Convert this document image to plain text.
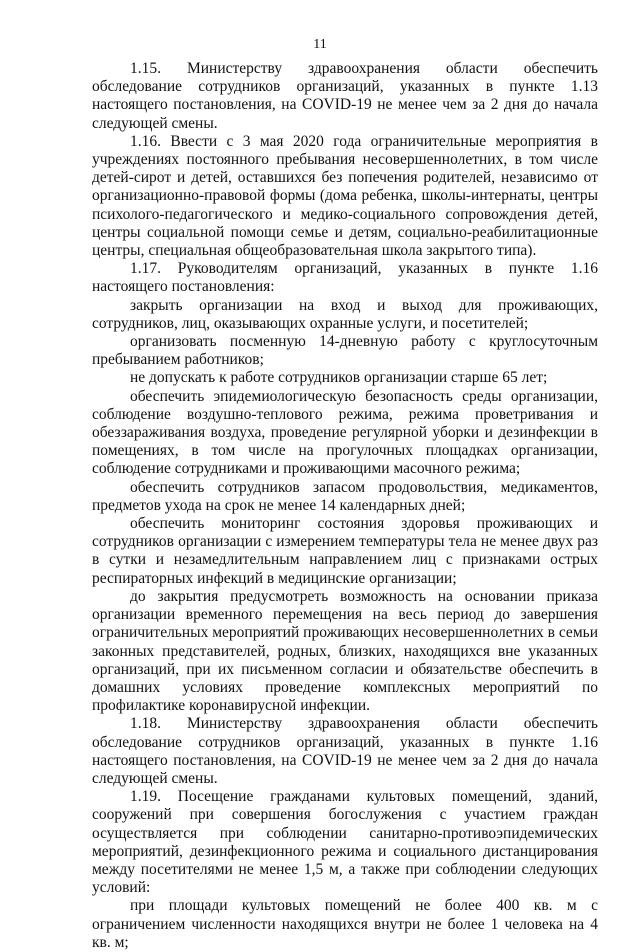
11

1.15. Министерству здравоохранения области обеспечить обследование сотрудников организаций, указанных в пункте 1.13 настоящего постановления, на COVID-19 не менее чем за 2 дня до начала следующей смены.

1.16. Ввести с 3 мая 2020 года ограничительные мероприятия в учреждениях постоянного пребывания несовершеннолетних, в том числе детей-сирот и детей, оставшихся без попечения родителей, независимо от организационно-правовой формы (дома ребенка, школы-интернаты, центры психолого-педагогического и медико-социального сопровождения детей, центры социальной помощи семье и детям, социально-реабилитационные центры, специальная общеобразовательная школа закрытого типа).

1.17. Руководителям организаций, указанных в пункте 1.16 настоящего постановления:

закрыть организации на вход и выход для проживающих, сотрудников, лиц, оказывающих охранные услуги, и посетителей;

организовать посменную 14-дневную работу с круглосуточным пребыванием работников;

не допускать к работе сотрудников организации старше 65 лет;

обеспечить эпидемиологическую безопасность среды организации, соблюдение воздушно-теплового режима, режима проветривания и обеззараживания воздуха, проведение регулярной уборки и дезинфекции в помещениях, в том числе на прогулочных площадках организации, соблюдение сотрудниками и проживающими масочного режима;

обеспечить сотрудников запасом продовольствия, медикаментов, предметов ухода на срок не менее 14 календарных дней;

обеспечить мониторинг состояния здоровья проживающих и сотрудников организации с измерением температуры тела не менее двух раз в сутки и незамедлительным направлением лиц с признаками острых респираторных инфекций в медицинские организации;

до закрытия предусмотреть возможность на основании приказа организации временного перемещения на весь период до завершения ограничительных мероприятий проживающих несовершеннолетних в семьи законных представителей, родных, близких, находящихся вне указанных организаций, при их письменном согласии и обязательстве обеспечить в домашних условиях проведение комплексных мероприятий по профилактике коронавирусной инфекции.

1.18. Министерству здравоохранения области обеспечить обследование сотрудников организаций, указанных в пункте 1.16 настоящего постановления, на COVID-19 не менее чем за 2 дня до начала следующей смены.

1.19. Посещение гражданами культовых помещений, зданий, сооружений при совершения богослужения с участием граждан осуществляется при соблюдении санитарно-противоэпидемических мероприятий, дезинфекционного режима и социального дистанцирования между посетителями не менее 1,5 м, а также при соблюдении следующих условий:

при площади культовых помещений не более 400 кв. м с ограничением численности находящихся внутри не более 1 человека на 4 кв. м;
